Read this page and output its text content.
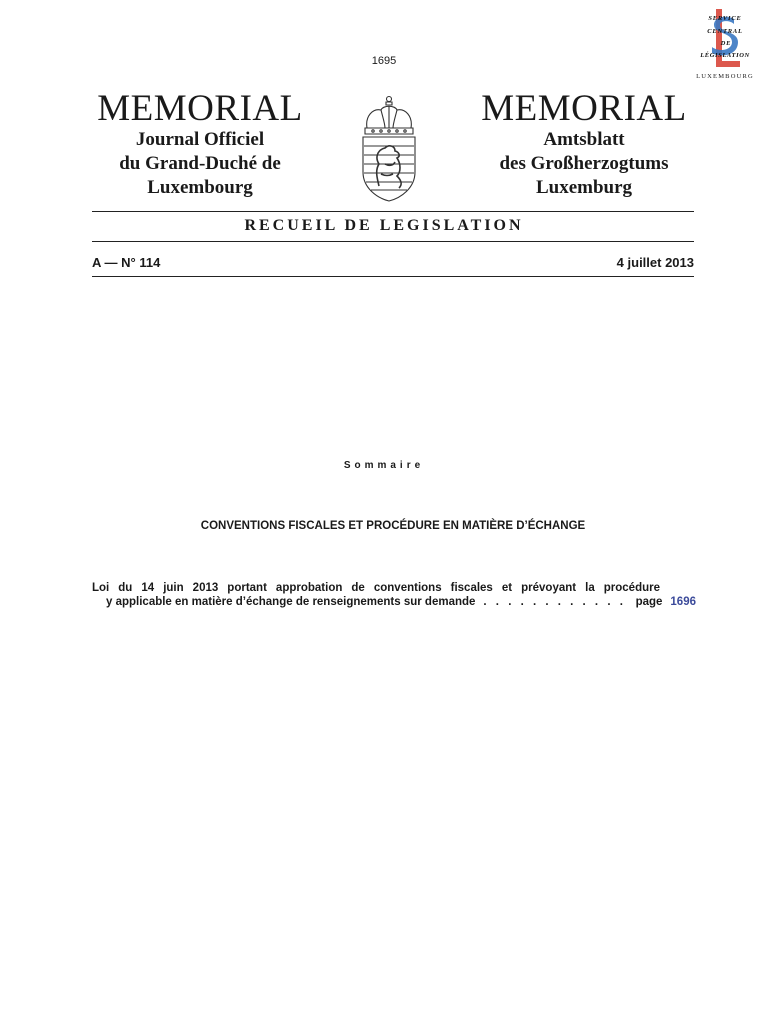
1695
SERVICE
CENTRAL
DE
LÉGISLATION
LUXEMBOURG
MEMORIAL
Journal Officiel
du Grand-Duché de
Luxembourg
MEMORIAL
Amtsblatt
des Großherzogtums
Luxemburg
RECUEIL DE LEGISLATION
A — N° 114	4 juillet 2013
Sommaire
CONVENTIONS FISCALES ET PROCÉDURE EN MATIÈRE D’ÉCHANGE
Loi du 14 juin 2013 portant approbation de conventions fiscales et prévoyant la procédure
y applicable en matière d’échange de renseignements sur demande . . . . . . . . . . . . page 1696
